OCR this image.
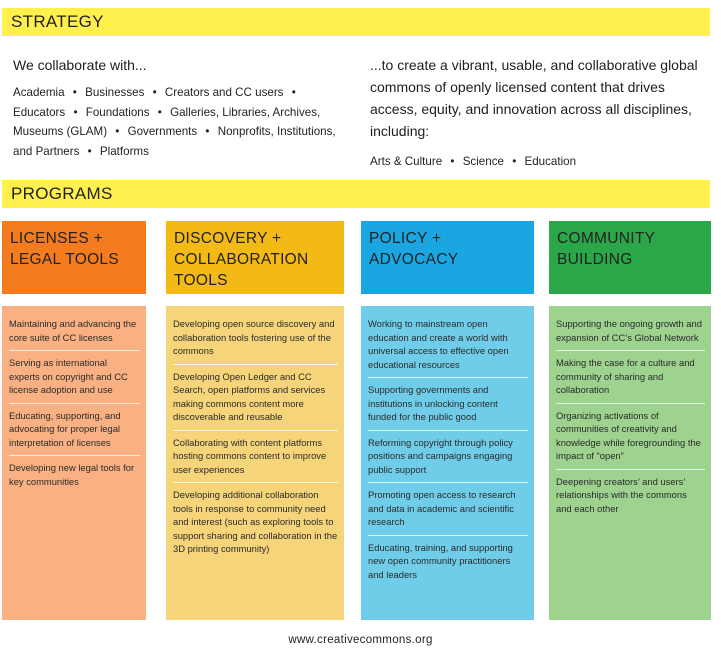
STRATEGY
We collaborate with...
Academia • Businesses • Creators and CC users • Educators • Foundations • Galleries, Libraries, Archives, Museums (GLAM) • Governments • Nonprofits, Institutions, and Partners • Platforms
...to create a vibrant, usable, and collaborative global commons of openly licensed content that drives access, equity, and innovation across all disciplines, including:
Arts & Culture • Science • Education
PROGRAMS
LICENSES + LEGAL TOOLS
Maintaining and advancing the core suite of CC licenses
Serving as international experts on copyright and CC license adoption and use
Educating, supporting, and advocating for proper legal interpretation of licenses
Developing new legal tools for key communities
DISCOVERY + COLLABORATION TOOLS
Developing open source discovery and collaboration tools fostering use of the commons
Developing Open Ledger and CC Search, open platforms and services making commons content more discoverable and reusable
Collaborating with content platforms hosting commons content to improve user experiences
Developing additional collaboration tools in response to community need and interest (such as exploring tools to support sharing and collaboration in the 3D printing community)
POLICY + ADVOCACY
Working to mainstream open education and create a world with universal access to effective open educational resources
Supporting governments and institutions in unlocking content funded for the public good
Reforming copyright through policy positions and campaigns engaging public support
Promoting open access to research and data in academic and scientific research
Educating, training, and supporting new open community practitioners and leaders
COMMUNITY BUILDING
Supporting the ongoing growth and expansion of CC’s Global Network
Making the case for a culture and community of sharing and collaboration
Organizing activations of communities of creativity and knowledge while foregrounding the impact of “open”
Deepening creators’ and users’ relationships with the commons and each other
www.creativecommons.org
